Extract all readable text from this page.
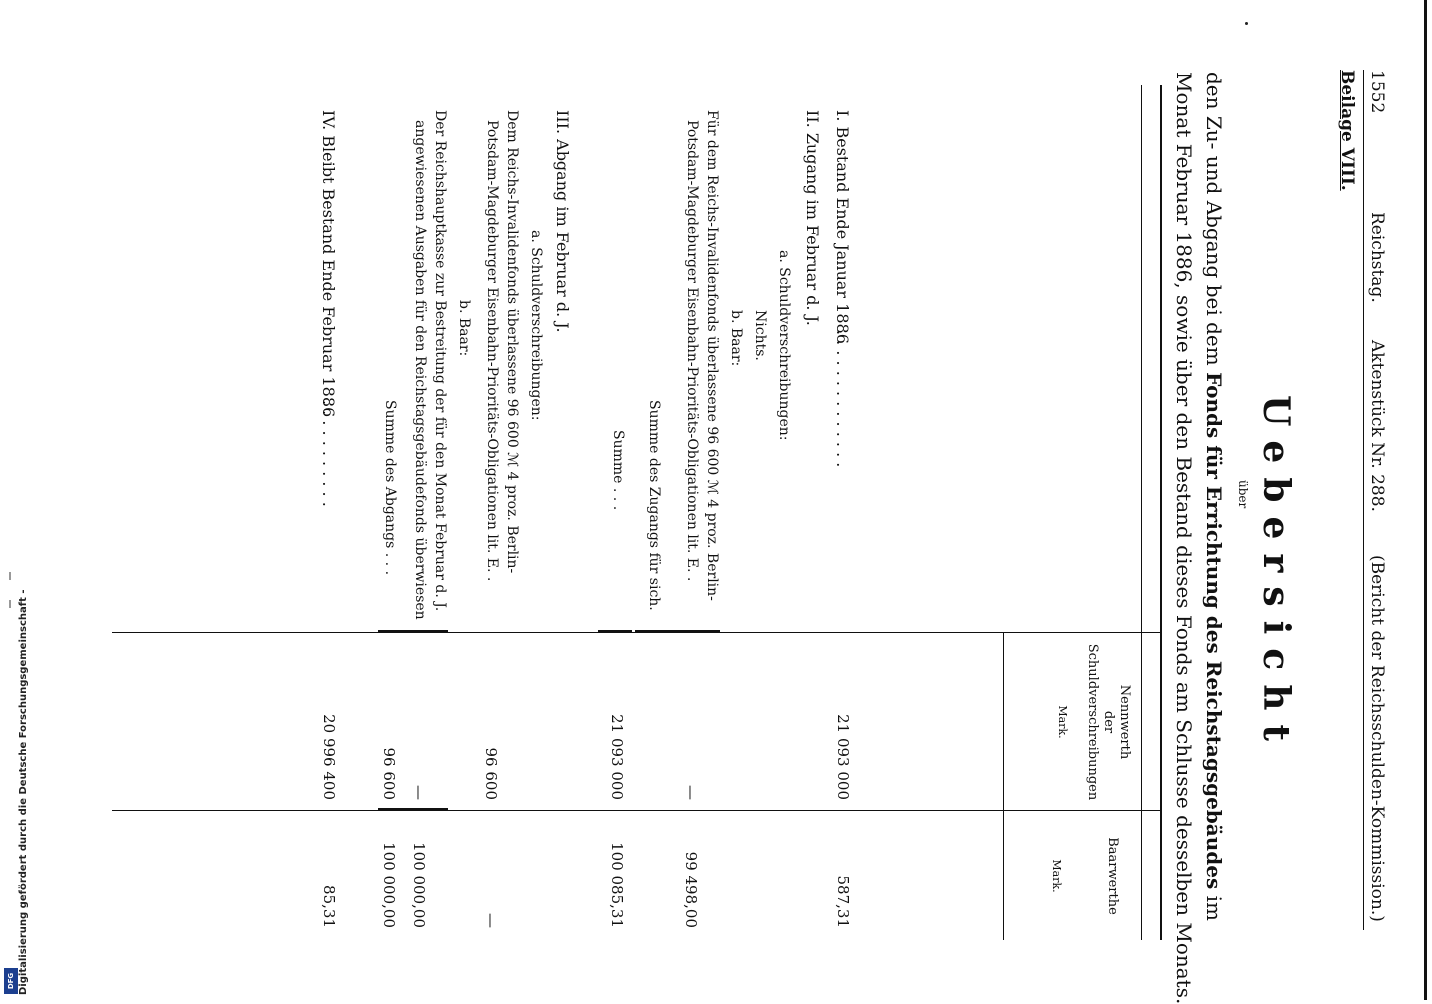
1552
Reichstag.
Aktenstück Nr. 288.
(Bericht der Reichsschulden-Kommission.)
Beilage VIII.
Uebersicht
über
den Zu- und Abgang bei dem Fonds für Errichtung des Reichstagsgebäudes im
Monat Februar 1886, sowie über den Bestand dieses Fonds am Schlusse desselben Monats.
Nennwerth
der
Schuldverschreibungen
Mark.
Baarwerthe
Mark.
I. Bestand Ende Januar 1886
. . . . . . . . . . . . . .
21 093 000
587,31
II. Zugang im Februar d. J.
a. Schuldverschreibungen:
Nichts.
b. Baar:
Für dem Reichs-Invalidenfonds überlassene 96 600 ℳ 4 proz. Berlin-
Potsdam-Magdeburger Eisenbahn-Prioritäts-Obligationen lit. E. .
—
99 498,00
Summe des Zugangs für sich.
Summe . . .
21 093 000
100 085,31
III. Abgang im Februar d. J.
a. Schuldverschreibungen:
Dem Reichs-Invalidenfonds überlassene 96 600 ℳ 4 proz. Berlin-
Potsdam-Magdeburger Eisenbahn-Prioritäts-Obligationen lit. E. .
96 600
—
b. Baar:
Der Reichshauptkasse zur Bestreitung der für den Monat Februar d. J.
angewiesenen Ausgaben für den Reichstagsgebäudefonds überwiesen
—
100 000,00
Summe des Abgangs . . .
96 600
100 000,00
IV. Bleibt Bestand Ende Februar 1886
. . . . . . . . . . .
20 996 400
85,31
Digitalisierung gefördert durch die Deutsche Forschungsgemeinschaft -
DFG
